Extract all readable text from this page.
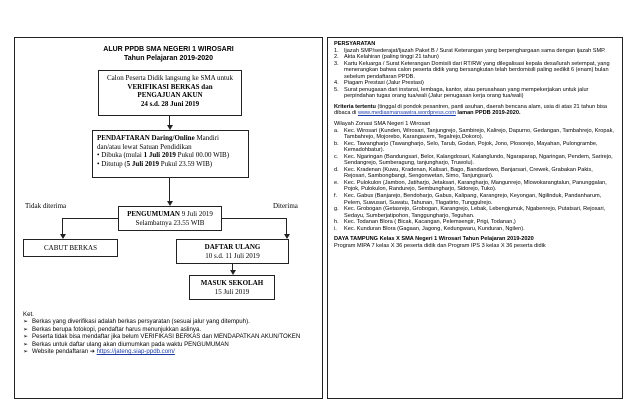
ALUR PPDB SMA NEGERI 1 WIROSARI
Tahun Pelajaran 2019-2020
Calon Peserta Didik langsung ke SMA untuk
VERIFIKASI BERKAS dan
PENGAJUAN AKUN
24 s.d. 28 Juni 2019
PENDAFTARAN Daring/Online Mandiri
dan/atau lewat Satuan Pendidikan
• Dibuka (mulai 1 Juli 2019 Pukul 00.00 WIB)
• Ditutup (5 Juli 2019 Pukul 23.59 WIB)
PENGUMUMAN 9 Juli 2019
Selambatnya 23.55 WIB
Tidak diterima	Diterima
CABUT BERKAS	DAFTAR ULANG
10 s.d. 11 Juli 2019
MASUK SEKOLAH
15 Juli 2019
Ket.
➢ Berkas yang diverifikasi adalah berkas persyaratan (sesuai jalur yang ditempuh).
➢ Berkas berupa fotokopi, pendaftar harus menunjukkan aslinya.
➢ Peserta tidak bisa mendaftar jika belum VERIFIKASI BERKAS dan MENDAPATKAN AKUN/TOKEN
➢ Berkas untuk daftar ulang akan diumumkan pada waktu PENGUMUMAN
➢ Website pendaftaran ➔ https://jateng.siap-ppdb.com/

PERSYARATAN

1. Ijazah SMP/sederajat/Ijazah Paket B / Surat Keterangan yang berpenghargaan sama dengan ijazah SMP.
2. Akta Kelahiran (paling tinggi 21 tahun)
3. Kartu Keluarga / Surat Keterangan Domisili dari RT/RW yang dilegalisasi kepala desa/lurah setempat, yang menerangkan bahwa calon peserta didik yang bersangkutan telah berdomisili paling sedikit 6 (enam) bulan sebelum pendaftaran PPDB.
4. Piagam Prestasi (Jalur Prestasi)
5. Surat penugasan dari instansi, lembaga, kantor, atau perusahaan yang mempekerjakan untuk jalur perpindahan tugas orang tua/wali (Jalur penugasan kerja orang tua/wali)

Kriteria tertentu (tinggal di pondok pesantren, panti asuhan, daerah bencana alam, usia di atas 21 tahun bisa dibaca di www.mediasmansawira.wordpress.com laman PPDB 2019-2020.

Wilayah Zonasi SMA Negeri 1 Wirosari

a. Kec. Wirosari (Kunden, Wirosari, Tanjungrejo, Sambirejo, Kalirejo, Dapurno, Gedangan, Tambahrejo, Kropak, Tambahrejo, Mojorebo, Karangasem, Tegalrejo,Dokoro).
b. Kec. Tawangharjo (Tawangharjo, Selo, Tarub, Godan, Pojok, Jono, Plosorejo, Mayahan, Pulongrambe, Kemadohbatur).
c.	Kec. Ngaringan (Bandungsari, Belor, Kalangdosari, Kalanglundo, Ngaraparap, Ngaringan, Pendem, Sarirejo, Sendangrejo, Sumberagung, tanjungharjo, Truwolu).
d. Kec. Kradenan (Kuwu, Kradenan, Kalisari, Bago, Bandardowo, Banjarsari, Crewek, Grabakan Pakis, Rejosari, Sambongbangi, Sengonwetan, Simo, Tanjungsari).
e. Kec. Pulokulon (Jambon, Jatiharjo, Jetaksari, Karangharjo, Mangunrejo, Mlowokarangtalun, Panunggalan, Pojok, Pulokulon, Randurejo, Sembungharjo, Sidorejo, Tuko).
f.	Kec. Gabus (Banjarejo, Bendoharjo, Gabus, Kalipang, Karangrejo, Keyongan, Ngilinduk, Pandanharum, Pelem, Suwusari, Suwatu, Tahunan, Tlagatirto, Tunggulrejo.
g. Kec. Grobogan (Getasrejo, Grobogan, Karangrejo, Lebak, Lebengjumuk, Ngabenrejo, Putatsari, Rejosari, Sedayu, Sumberjatipohon, Tanggungharjo, Teguhan.
h. Kec. Todanan Blora ( Bicak, Kacangan, Pelemsengir, Prigi, Todanan,)
i.	Kec. Kunduran Blora (Gagaan, Jagong, Kedungwaru, Kunduran, Ngilen).

DAYA TAMPUNG Kelas X SMA Negeri 1 Wirosari Tahun Pelajaran 2019-2020

Program MIPA 7 kelas X 36 peserta didik dan Program IPS 3 kelas X 36 peserta didik
